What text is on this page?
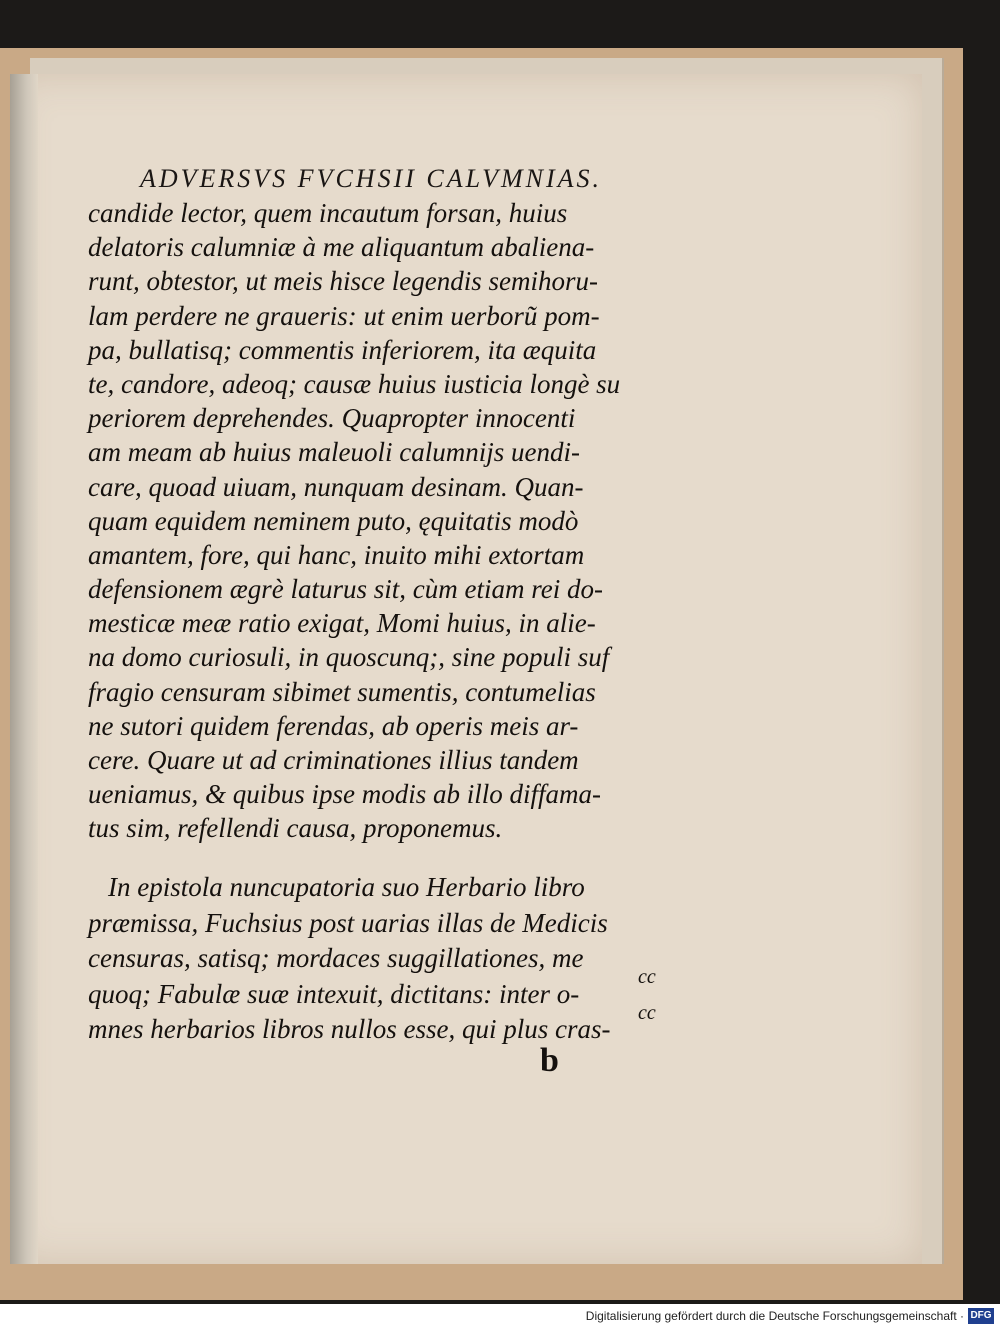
ADVERSVS FVCHSII CALVMNIAS.
candide lector, quem incautum forsan, huius
delatoris calumniæ à me aliquantum abaliena-
runt, obtestor, ut meis hisce legendis semihoru-
lam perdere ne graueris: ut enim uerborũ pom-
pa, bullatisq; commentis inferiorem, ita æquita
te, candore, adeoq; causæ huius iusticia longè su
periorem deprehendes. Quapropter innocenti
am meam ab huius maleuoli calumnijs uendi-
care, quoad uiuam, nunquam desinam. Quan-
quam equidem neminem puto, ęquitatis modò
amantem, fore, qui hanc, inuito mihi extortam
defensionem ægrè laturus sit, cùm etiam rei do-
mesticæ meæ ratio exigat, Momi huius, in alie-
na domo curiosuli, in quoscunq;, sine populi suf
fragio censuram sibimet sumentis, contumelias
ne sutori quidem ferendas, ab operis meis ar-
cere. Quare ut ad criminationes illius tandem
ueniamus, & quibus ipse modis ab illo diffama-
tus sim, refellendi causa, proponemus.
In epistola nuncupatoria suo Herbario libro
præmissa, Fuchsius post uarias illas de Medicis
censuras, satisq; mordaces suggillationes, me
quoq; Fabulæ suæ intexuit, dictitans: inter o-
mnes herbarios libros nullos esse, qui plus cras-
cc
cc
b
Digitalisierung gefördert durch die Deutsche Forschungsgemeinschaft · DFG
